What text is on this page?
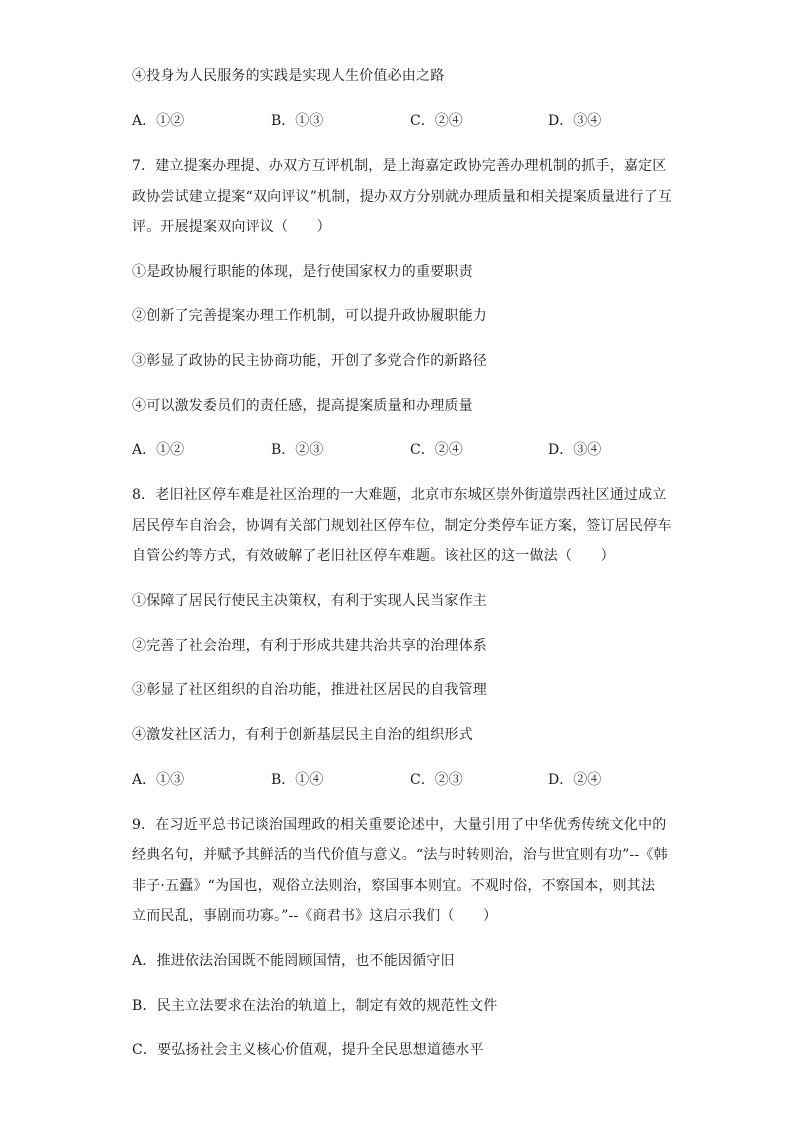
④投身为人民服务的实践是实现人生价值必由之路
A．①②	B．①③	C．②④	D．③④
7．建立提案办理提、办双方互评机制，是上海嘉定政协完善办理机制的抓手，嘉定区
政协尝试建立提案“双向评议”机制，提办双方分别就办理质量和相关提案质量进行了互
评。开展提案双向评议（　　）
①是政协履行职能的体现，是行使国家权力的重要职责
②创新了完善提案办理工作机制，可以提升政协履职能力
③彰显了政协的民主协商功能，开创了多党合作的新路径
④可以激发委员们的责任感，提高提案质量和办理质量
A．①②	B．②③	C．②④	D．③④
8．老旧社区停车难是社区治理的一大难题，北京市东城区崇外街道崇西社区通过成立
居民停车自治会，协调有关部门规划社区停车位，制定分类停车证方案，签订居民停车
自管公约等方式，有效破解了老旧社区停车难题。该社区的这一做法（　　）
①保障了居民行使民主决策权，有利于实现人民当家作主
②完善了社会治理，有利于形成共建共治共享的治理体系
③彰显了社区组织的自治功能，推进社区居民的自我管理
④激发社区活力，有利于创新基层民主自治的组织形式
A．①③	B．①④	C．②③	D．②④
9．在习近平总书记谈治国理政的相关重要论述中，大量引用了中华优秀传统文化中的
经典名句，并赋予其鲜活的当代价值与意义。“法与时转则治，治与世宜则有功”--《韩
非子·五蠹》“为国也，观俗立法则治，察国事本则宜。不观时俗，不察国本，则其法
立而民乱，事剧而功寡。”--《商君书》这启示我们（　　）
A．推进依法治国既不能罔顾国情，也不能因循守旧
B．民主立法要求在法治的轨道上，制定有效的规范性文件
C．要弘扬社会主义核心价值观，提升全民思想道德水平
